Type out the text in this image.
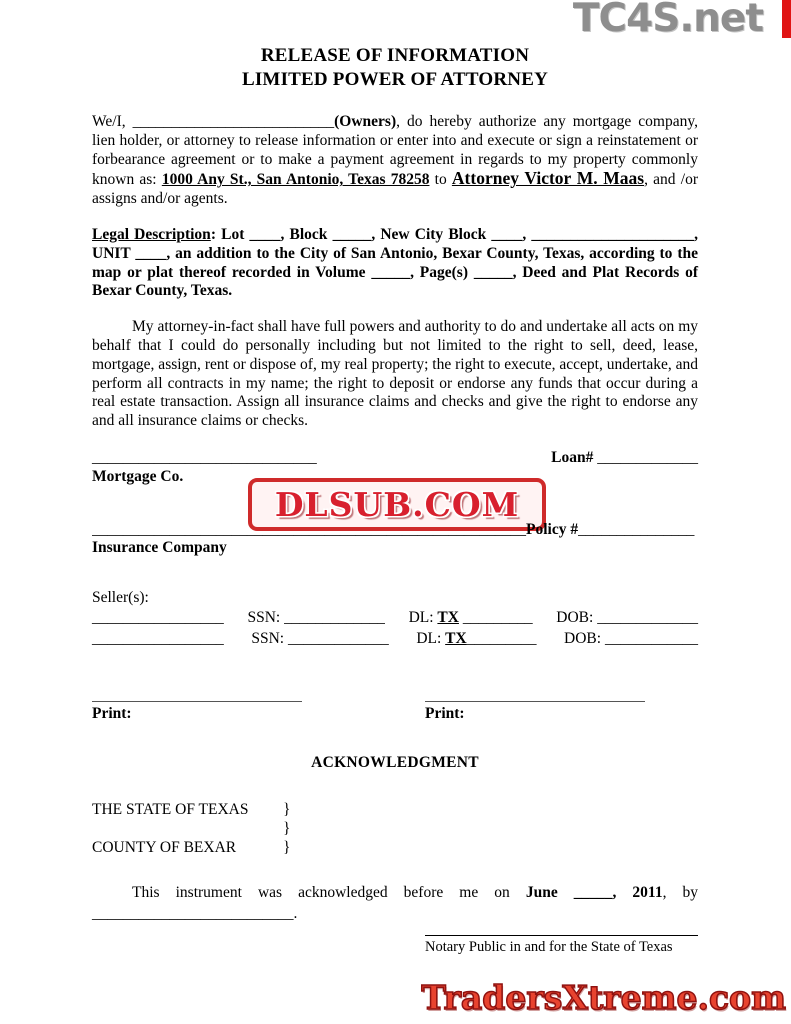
TC4S.net
DLSUB.COM
TradersXtreme.com
RELEASE OF INFORMATION
LIMITED POWER OF ATTORNEY

We/I, __________________________(Owners), do hereby authorize any mortgage company, lien holder, or attorney to release information or enter into and execute or sign a reinstatement or forbearance agreement or to make a payment agreement in regards to my property commonly known as: 1000 Any St., San Antonio, Texas 78258 to Attorney Victor M. Maas, and /or assigns and/or agents.

Legal Description: Lot ____, Block _____, New City Block ____, _____________________, UNIT ____, an addition to the City of San Antonio, Bexar County, Texas, according to the map or plat thereof recorded in Volume _____, Page(s) _____, Deed and Plat Records of Bexar County, Texas.

My attorney-in-fact shall have full powers and authority to do and undertake all acts on my behalf that I could do personally including but not limited to the right to sell, deed, lease, mortgage, assign, rent or dispose of, my real property; the right to execute, accept, undertake, and perform all contracts in my name; the right to deposit or endorse any funds that occur during a real estate transaction. Assign all insurance claims and checks and give the right to endorse any and all insurance claims or checks.

_____________________________	Loan# _____________
Mortgage Co.
________________________________________________________Policy #_______________
Insurance Company
Seller(s):
_________________ SSN: _____________ DL: TX _________ DOB: _____________
_________________ SSN: _____________ DL: TX_________ DOB: ____________
Print:	Print:
ACKNOWLEDGMENT
THE STATE OF TEXAS	}
}
COUNTY OF BEXAR	}
This instrument was acknowledged before me on June _____, 2011, by
__________________________.
Notary Public in and for the State of Texas
